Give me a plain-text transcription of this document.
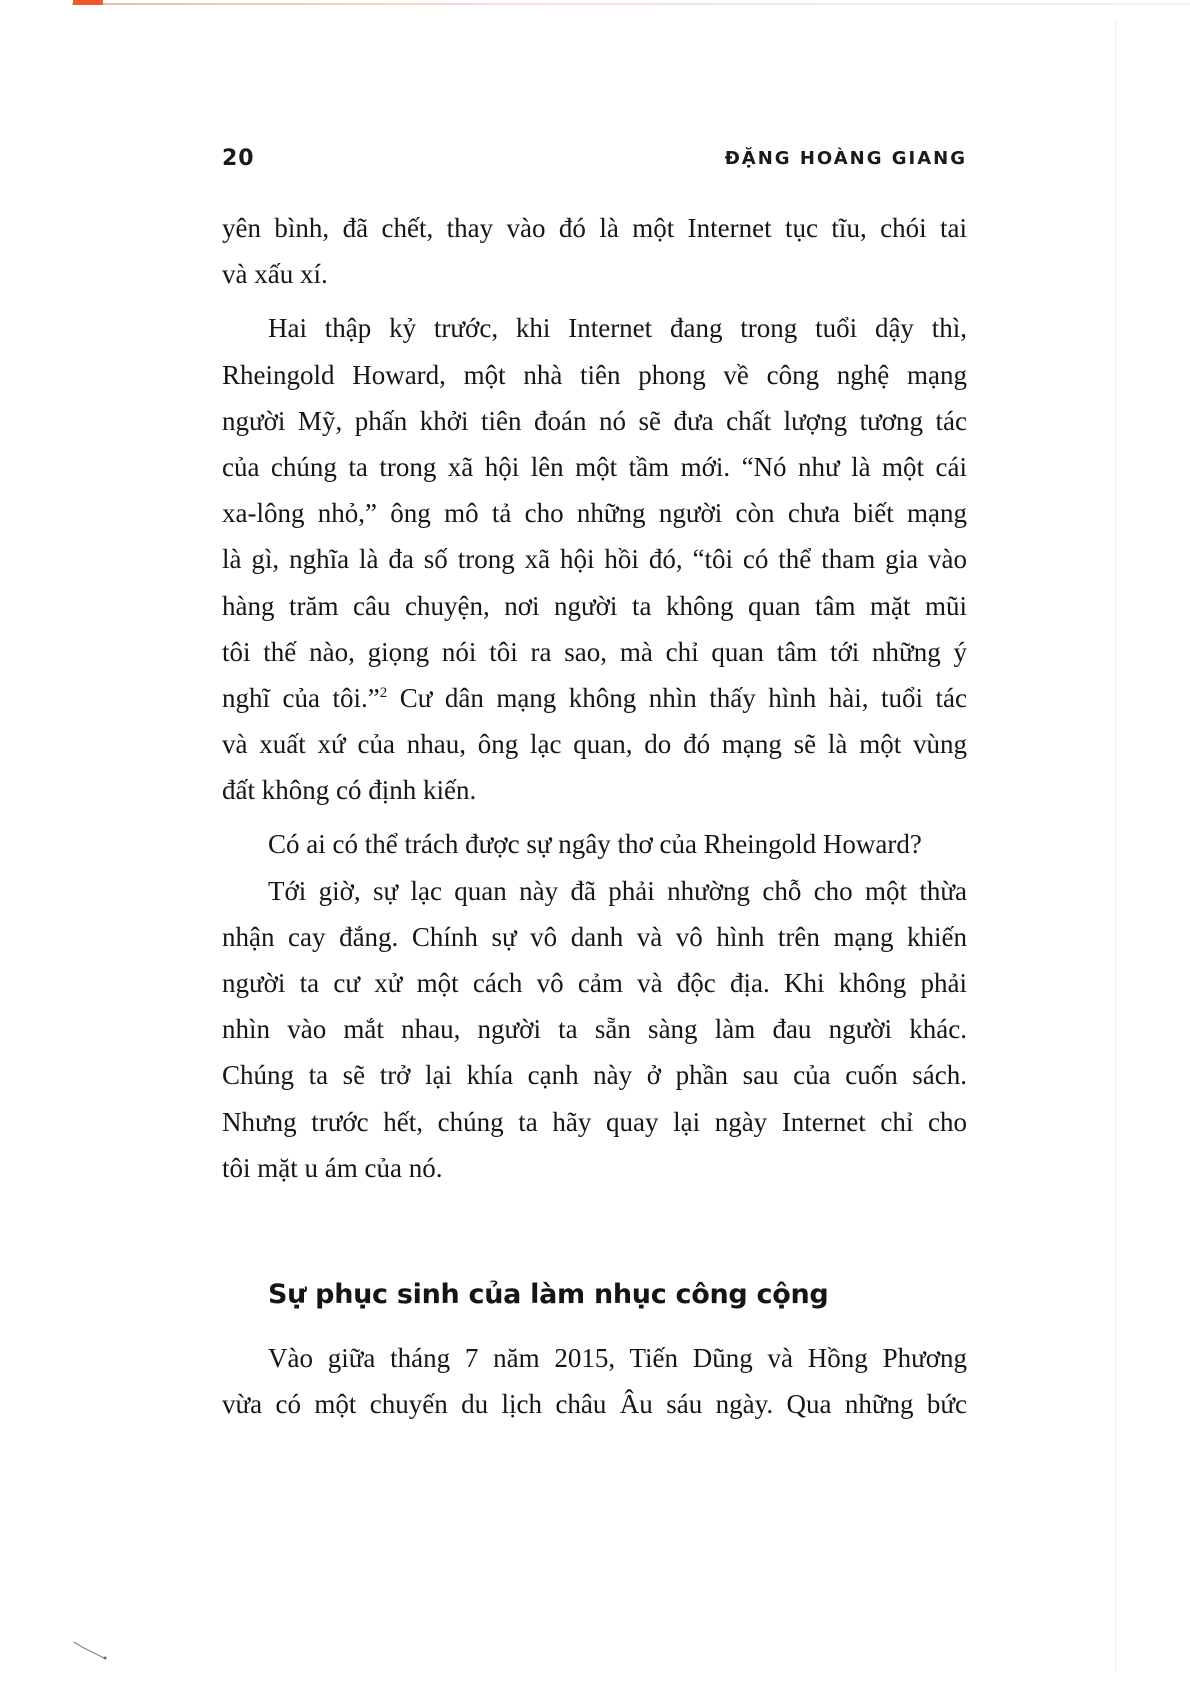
20	ĐẶNG HOÀNG GIANG
yên bình, đã chết, thay vào đó là một Internet tục tĩu, chói tai
và xấu xí.
Hai thập kỷ trước, khi Internet đang trong tuổi dậy thì,
Rheingold Howard, một nhà tiên phong về công nghệ mạng
người Mỹ, phấn khởi tiên đoán nó sẽ đưa chất lượng tương tác
của chúng ta trong xã hội lên một tầm mới. “Nó như là một cái
xa-lông nhỏ,” ông mô tả cho những người còn chưa biết mạng
là gì, nghĩa là đa số trong xã hội hồi đó, “tôi có thể tham gia vào
hàng trăm câu chuyện, nơi người ta không quan tâm mặt mũi
tôi thế nào, giọng nói tôi ra sao, mà chỉ quan tâm tới những ý
nghĩ của tôi.”$^2$ Cư dân mạng không nhìn thấy hình hài, tuổi tác
và xuất xứ của nhau, ông lạc quan, do đó mạng sẽ là một vùng
đất không có định kiến.
Có ai có thể trách được sự ngây thơ của Rheingold Howard?
Tới giờ, sự lạc quan này đã phải nhường chỗ cho một thừa
nhận cay đắng. Chính sự vô danh và vô hình trên mạng khiến
người ta cư xử một cách vô cảm và độc địa. Khi không phải
nhìn vào mắt nhau, người ta sẵn sàng làm đau người khác.
Chúng ta sẽ trở lại khía cạnh này ở phần sau của cuốn sách.
Nhưng trước hết, chúng ta hãy quay lại ngày Internet chỉ cho
tôi mặt u ám của nó.
Sự phục sinh của làm nhục công cộng
Vào giữa tháng 7 năm 2015, Tiến Dũng và Hồng Phương
vừa có một chuyến du lịch châu Âu sáu ngày. Qua những bức
